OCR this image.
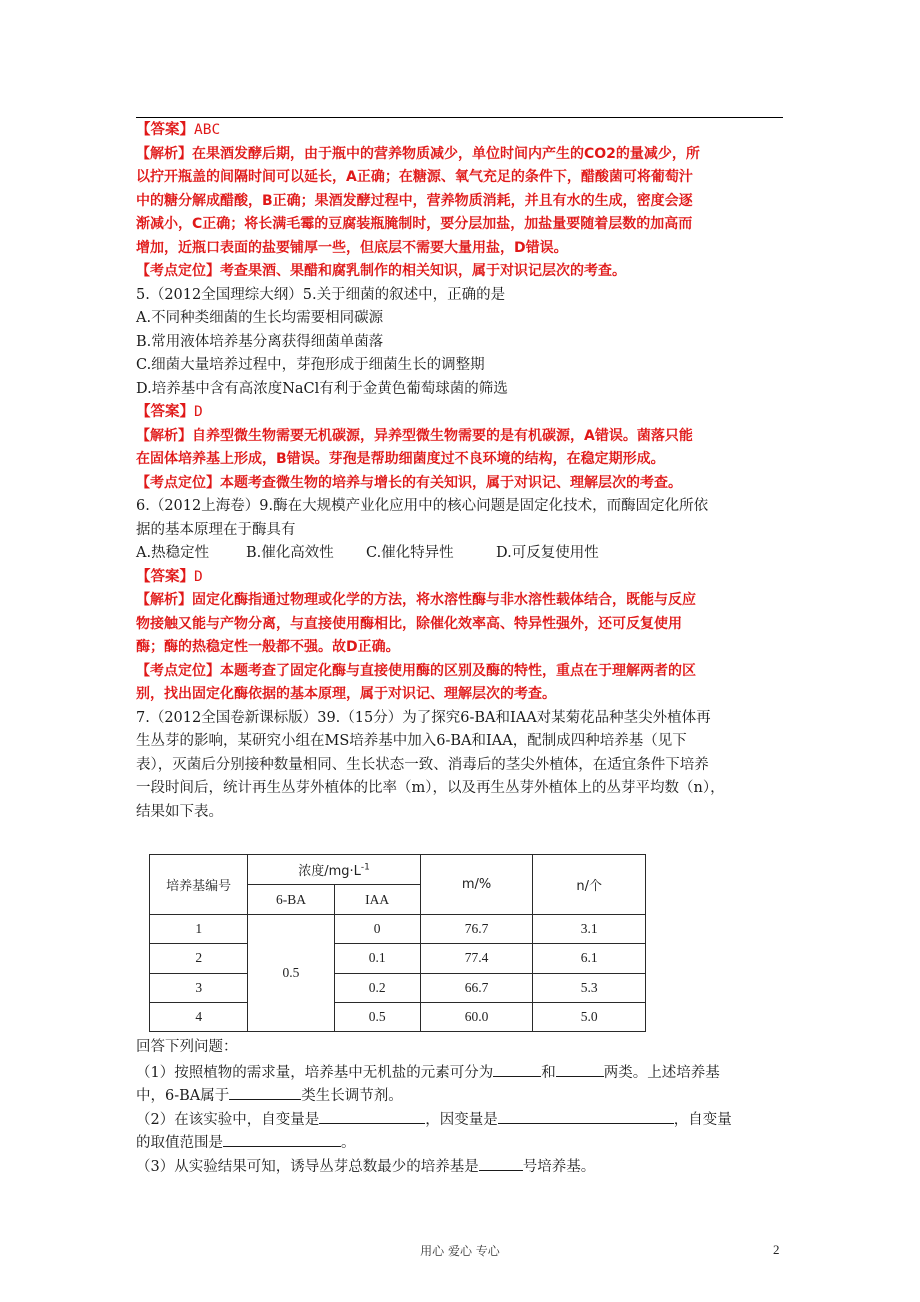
【答案】ABC
【解析】在果酒发酵后期，由于瓶中的营养物质减少，单位时间内产生的CO2的量减少，所
以拧开瓶盖的间隔时间可以延长，A正确；在糖源、氧气充足的条件下，醋酸菌可将葡萄汁
中的糖分解成醋酸，B正确；果酒发酵过程中，营养物质消耗，并且有水的生成，密度会逐
渐减小，C正确；将长满毛霉的豆腐装瓶腌制时，要分层加盐，加盐量要随着层数的加高而
增加，近瓶口表面的盐要铺厚一些，但底层不需要大量用盐，D错误。
【考点定位】考查果酒、果醋和腐乳制作的相关知识，属于对识记层次的考查。
5.（2012全国理综大纲）5.关于细菌的叙述中，正确的是
A.不同种类细菌的生长均需要相同碳源
B.常用液体培养基分离获得细菌单菌落
C.细菌大量培养过程中，芽孢形成于细菌生长的调整期
D.培养基中含有高浓度NaCl有利于金黄色葡萄球菌的筛选
【答案】D
【解析】自养型微生物需要无机碳源，异养型微生物需要的是有机碳源，A错误。菌落只能
在固体培养基上形成，B错误。芽孢是帮助细菌度过不良环境的结构，在稳定期形成。
【考点定位】本题考查微生物的培养与增长的有关知识，属于对识记、理解层次的考查。
6.（2012上海卷）9.酶在大规模产业化应用中的核心问题是固定化技术，而酶固定化所依
据的基本原理在于酶具有
A.热稳定性	B.催化高效性 C.催化特异性	D.可反复使用性
【答案】D
【解析】固定化酶指通过物理或化学的方法，将水溶性酶与非水溶性载体结合，既能与反应
物接触又能与产物分离，与直接使用酶相比，除催化效率高、特异性强外，还可反复使用
酶；酶的热稳定性一般都不强。故D正确。
【考点定位】本题考查了固定化酶与直接使用酶的区别及酶的特性，重点在于理解两者的区
别，找出固定化酶依据的基本原理，属于对识记、理解层次的考查。
7.（2012全国卷新课标版）39.（15分）为了探究6-BA和IAA对某菊花品种茎尖外植体再
生丛芽的影响，某研究小组在MS培养基中加入6-BA和IAA，配制成四种培养基（见下
表），灭菌后分别接种数量相同、生长状态一致、消毒后的茎尖外植体，在适宜条件下培养
一段时间后，统计再生丛芽外植体的比率（m），以及再生丛芽外植体上的丛芽平均数（n），
结果如下表。
培养基编号	浓度$/mg\cdot L^{-1}$		m/%	n/个
	6-BA	IAA		
1	0.5	0	76.7	3.1
2		0.1	77.4	6.1
3		0.2	66.7	5.3
4		0.5	60.0	5.0
回答下列问题：
（1）按照植物的需求量，培养基中无机盐的元素可分为	和	两类。上述培养基
中，6-BA属于	类生长调节剂。
（2）在该实验中，自变量是	，因变量是	，自变量
的取值范围是	。
（3）从实验结果可知，诱导丛芽总数最少的培养基是	号培养基。
用心 爱心 专心	2
